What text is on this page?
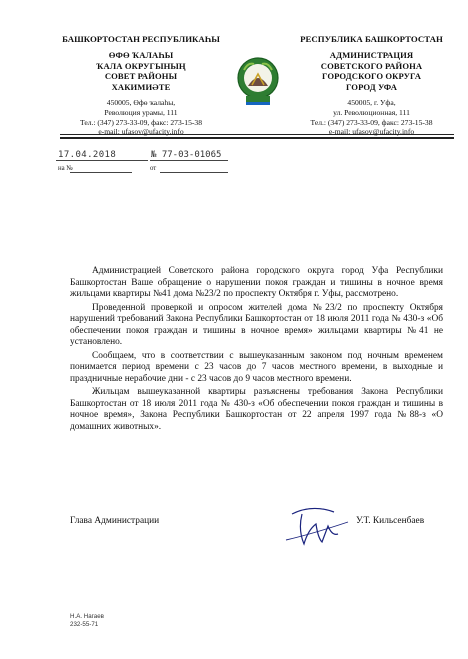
БАШКОРТОСТАН РЕСПУБЛИКАҺЫ
ӨФӨ ҠАЛАҺЫ
ҠАЛА ОКРУГЫНЫҢ
СОВЕТ РАЙОНЫ
ХАКИМИӘТЕ
450005, Өфө ҡалаһы,
Революция урамы, 111
Тел.: (347) 273-33-09, факс: 273-15-38
e-mail: ufasov@ufacity.info
РЕСПУБЛИКА БАШКОРТОСТАН
АДМИНИСТРАЦИЯ
СОВЕТСКОГО РАЙОНА
ГОРОДСКОГО ОКРУГА
ГОРОД УФА
450005, г. Уфа,
ул. Революционная, 111
Тел.: (347) 273-33-09, факс: 273-15-38
e-mail: ufasov@ufacity.info
17.04.2018	№ 77-03-01065
на №	от

Администрацией Советского района городского округа город Уфа Республики Башкортостан Ваше обращение о нарушении покоя граждан и тишины в ночное время жильцами квартиры №41 дома №23/2 по проспекту Октября г. Уфы, рассмотрено.

Проведенной проверкой и опросом жителей дома №23/2 по проспекту Октября нарушений требований Закона Республики Башкортостан от 18 июля 2011 года № 430-з «Об обеспечении покоя граждан и тишины в ночное время» жильцами квартиры №41 не установлено.

Сообщаем, что в соответствии с вышеуказанным законом под ночным временем понимается период времени с 23 часов до 7 часов местного времени, в выходные и праздничные нерабочие дни - с 23 часов до 9 часов местного времени.

Жильцам вышеуказанной квартиры разъяснены требования Закона Республики Башкортостан от 18 июля 2011 года № 430-з «Об обеспечении покоя граждан и тишины в ночное время», Закона Республики Башкортостан от 22 апреля 1997 года №88-з «О домашних животных».

Глава Администрации	У.Т. Кильсенбаев
Н.А. Нагаев
232-55-71
